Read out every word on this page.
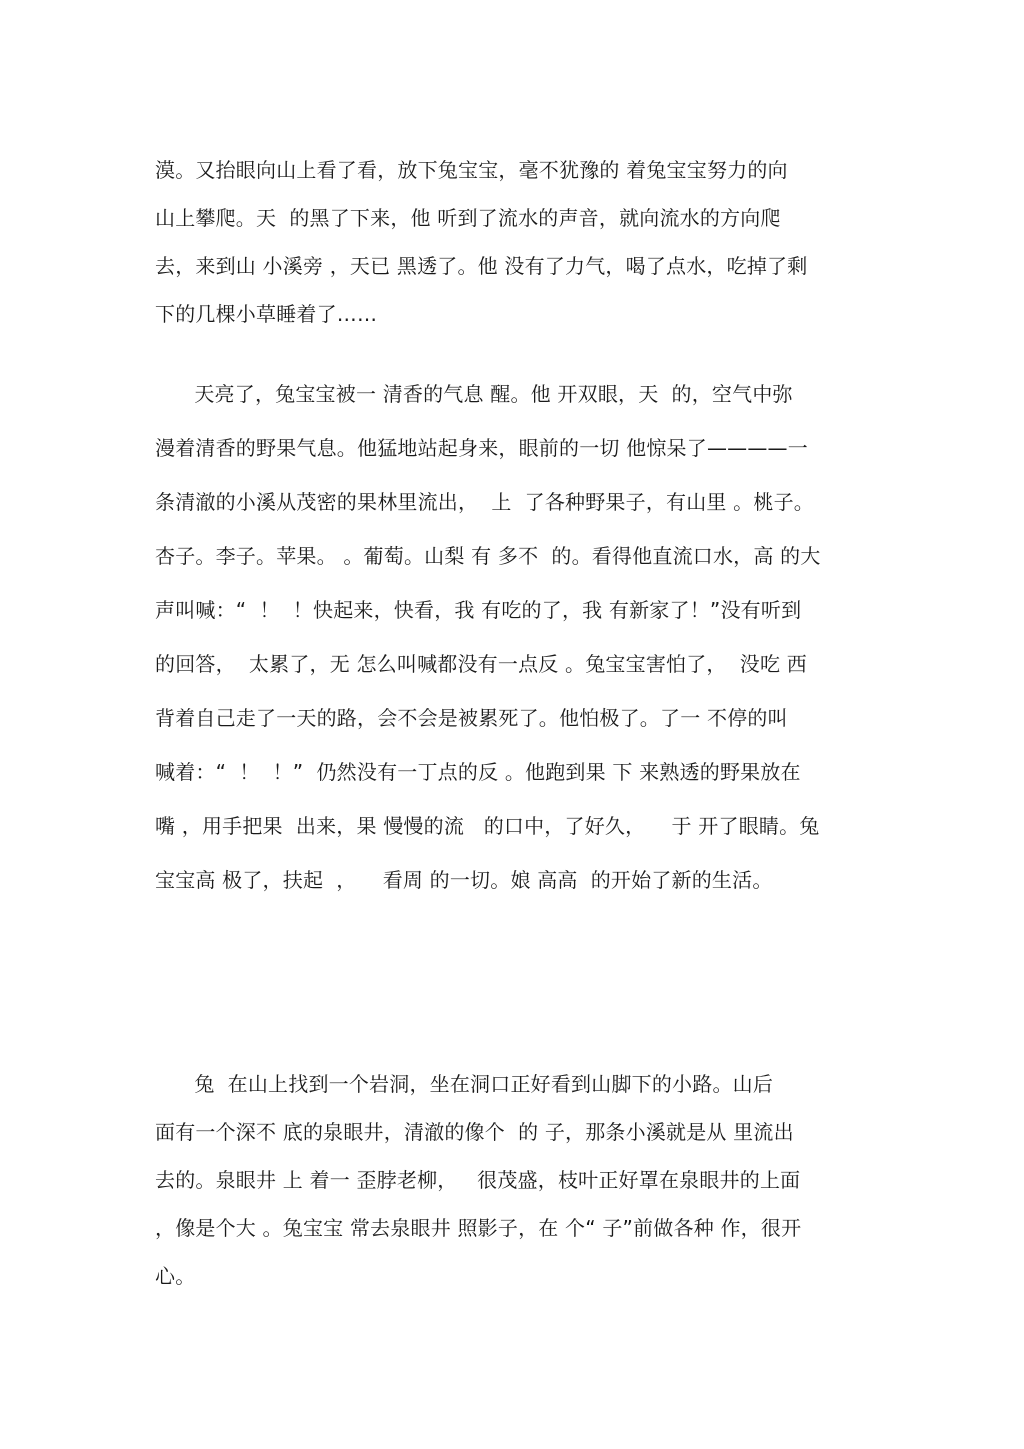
漠。又抬眼向山上看了看，放下兔宝宝，毫不犹豫的 着兔宝宝努力的向
山上攀爬。天  的黑了下来，他 听到了流水的声音，就向流水的方向爬
去，来到山 小溪旁 ，天已 黑透了。他 没有了力气，喝了点水，吃掉了剩
下的几棵小草睡着了……
天亮了，兔宝宝被一 清香的气息 醒。他 开双眼，天  的，空气中弥
漫着清香的野果气息。他猛地站起身来，眼前的一切 他惊呆了————一
条清澈的小溪从茂密的果林里流出，  上  了各种野果子，有山里 。桃子。
杏子。李子。苹果。 。葡萄。山梨 有 多不  的。看得他直流口水，高 的大
声叫喊：“  ！  ！快起来，快看，我 有吃的了，我 有新家了！”没有听到
的回答，  太累了，无 怎么叫喊都没有一点反 。兔宝宝害怕了，  没吃 西
背着自己走了一天的路，会不会是被累死了。他怕极了。了一 不停的叫
喊着：“  ！  ！”  仍然没有一丁点的反 。他跑到果 下 来熟透的野果放在
嘴 ，用手把果  出来，果 慢慢的流   的口中，了好久，    于 开了眼睛。兔
宝宝高 极了，扶起  ，    看周 的一切。娘 高高  的开始了新的生活。
兔  在山上找到一个岩洞，坐在洞口正好看到山脚下的小路。山后
面有一个深不 底的泉眼井，清澈的像个  的 子，那条小溪就是从 里流出
去的。泉眼井 上 着一 歪脖老柳，   很茂盛，枝叶正好罩在泉眼井的上面
，像是个大 。兔宝宝 常去泉眼井 照影子，在 个“ 子”前做各种 作，很开
心。
